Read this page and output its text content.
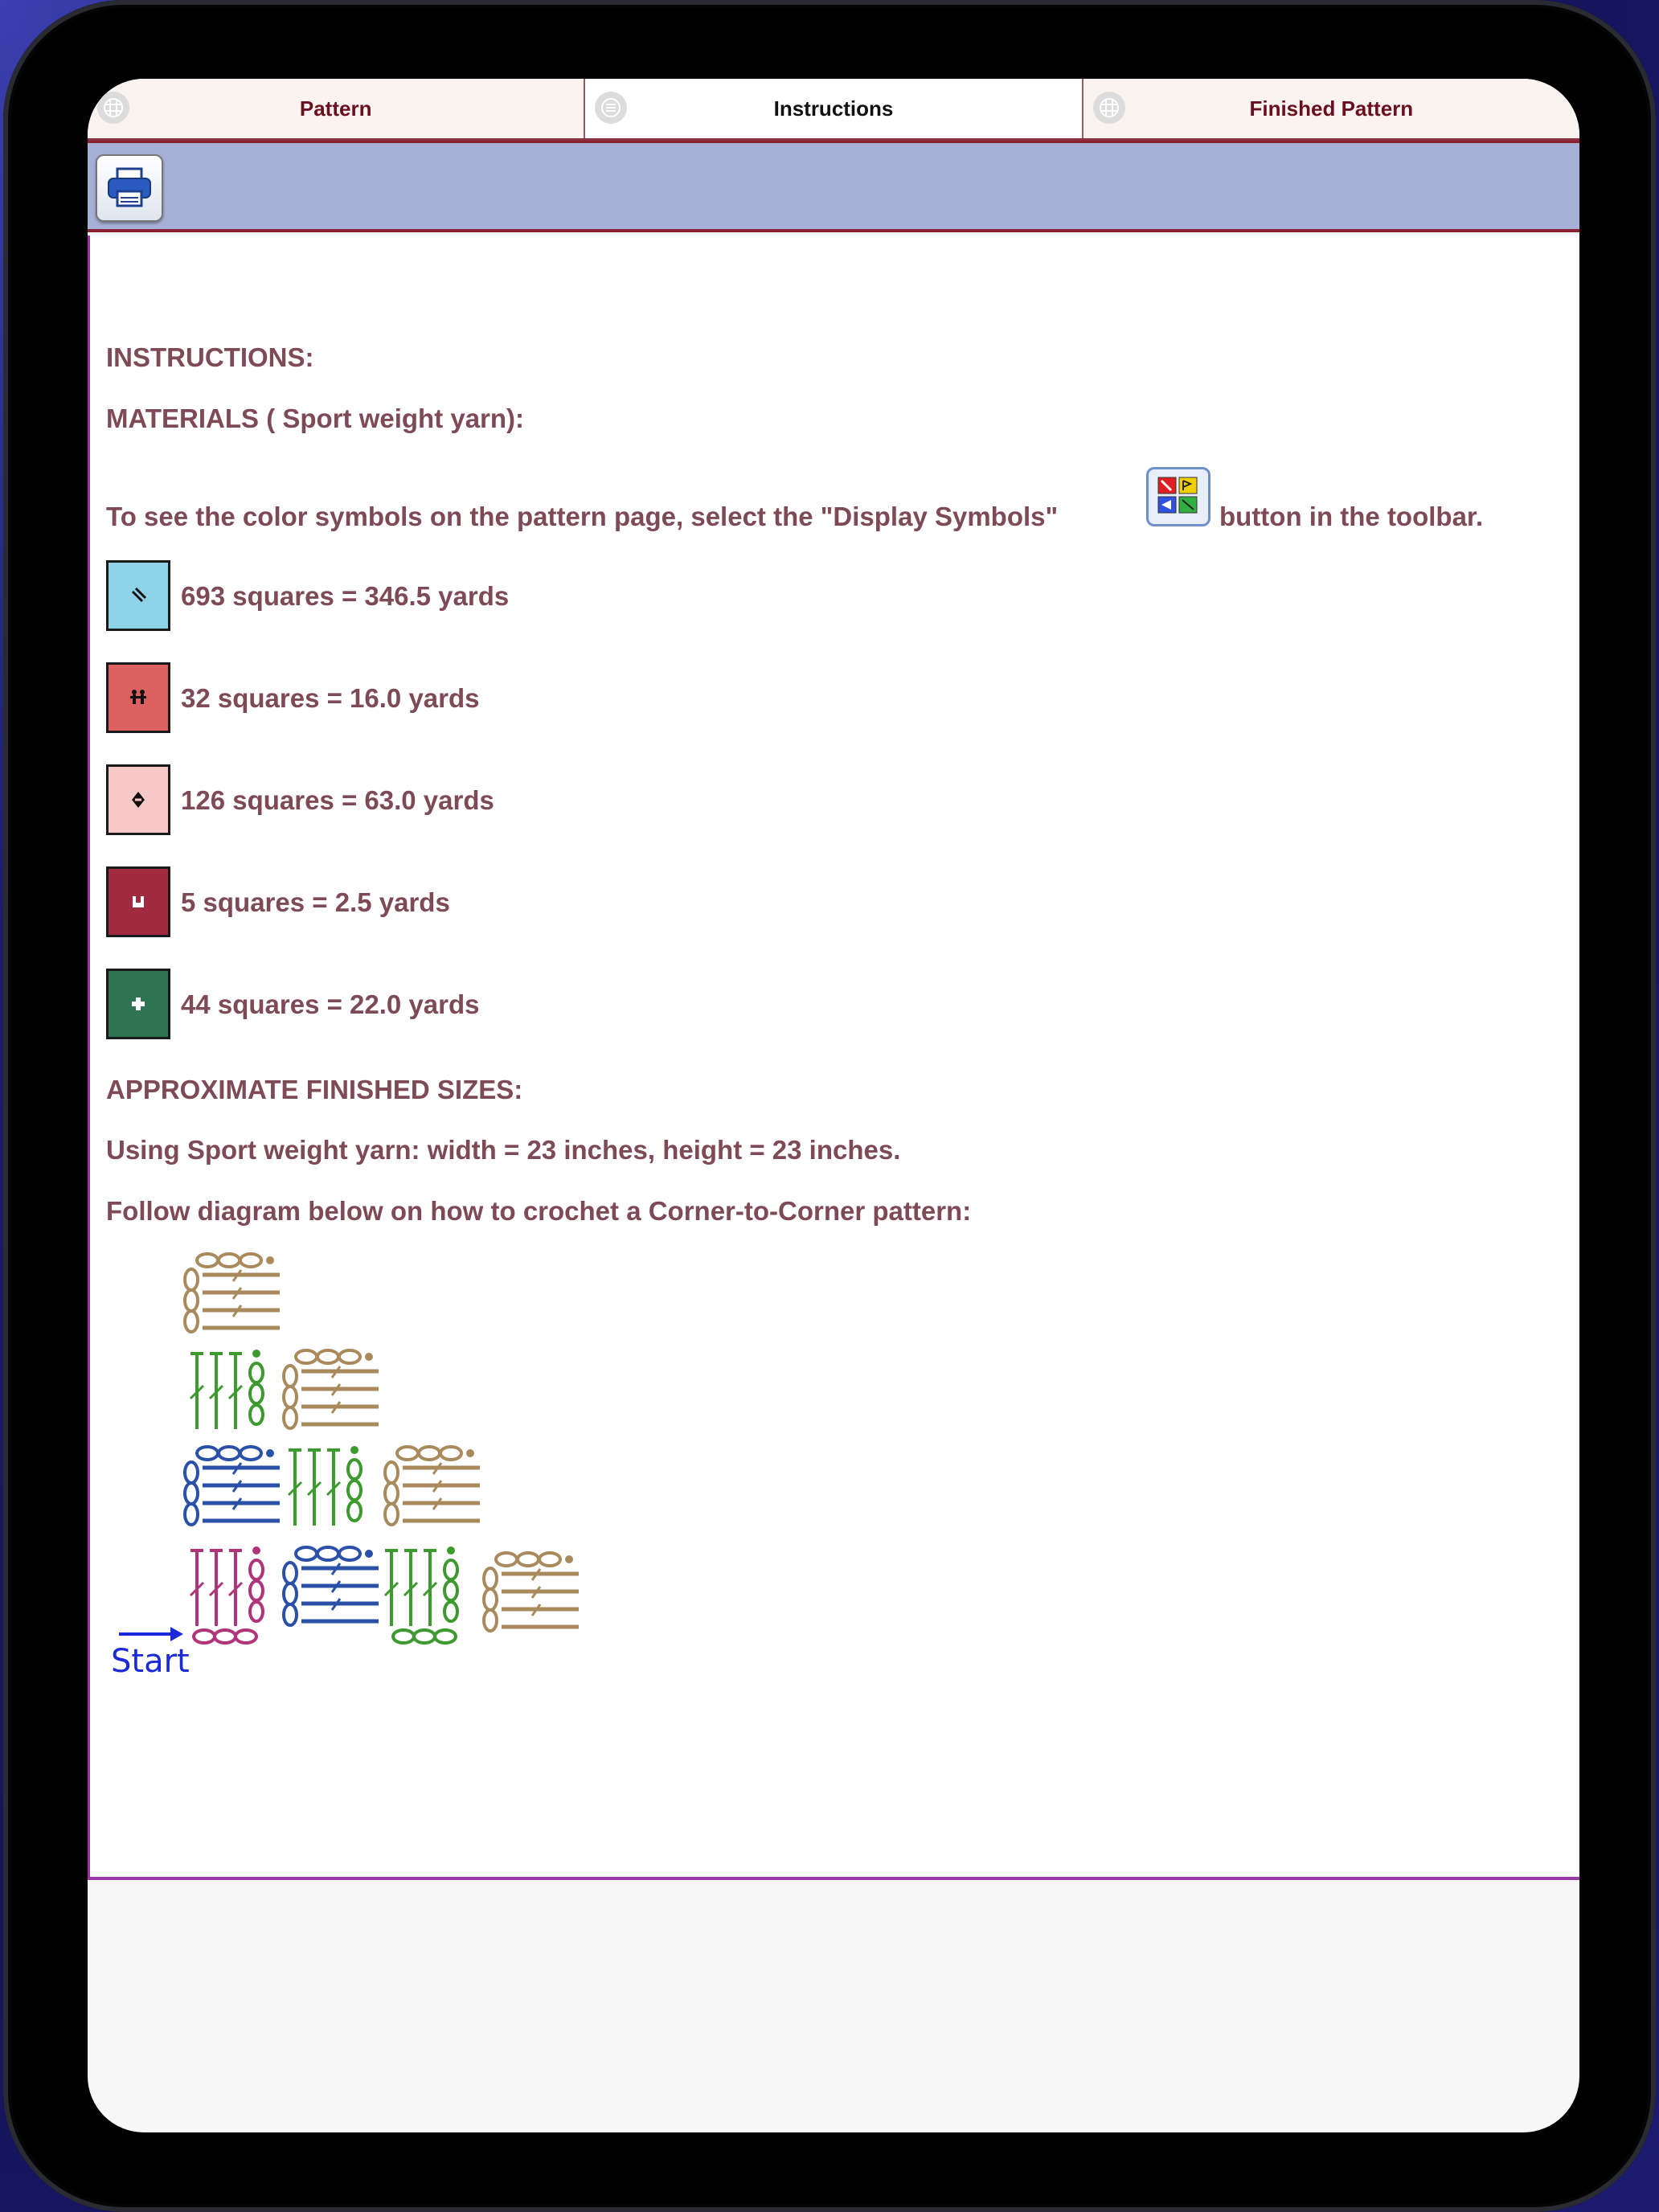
Pattern	Instructions	Finished Pattern
INSTRUCTIONS:
MATERIALS ( Sport weight yarn):
To see the color symbols on the pattern page, select the "Display Symbols"	button in the toolbar.
693 squares = 346.5 yards
32 squares = 16.0 yards
126 squares = 63.0 yards
5 squares = 2.5 yards
44 squares = 22.0 yards
APPROXIMATE FINISHED SIZES:
Using Sport weight yarn: width = 23 inches, height = 23 inches.
Follow diagram below on how to crochet a Corner-to-Corner pattern:
Start
